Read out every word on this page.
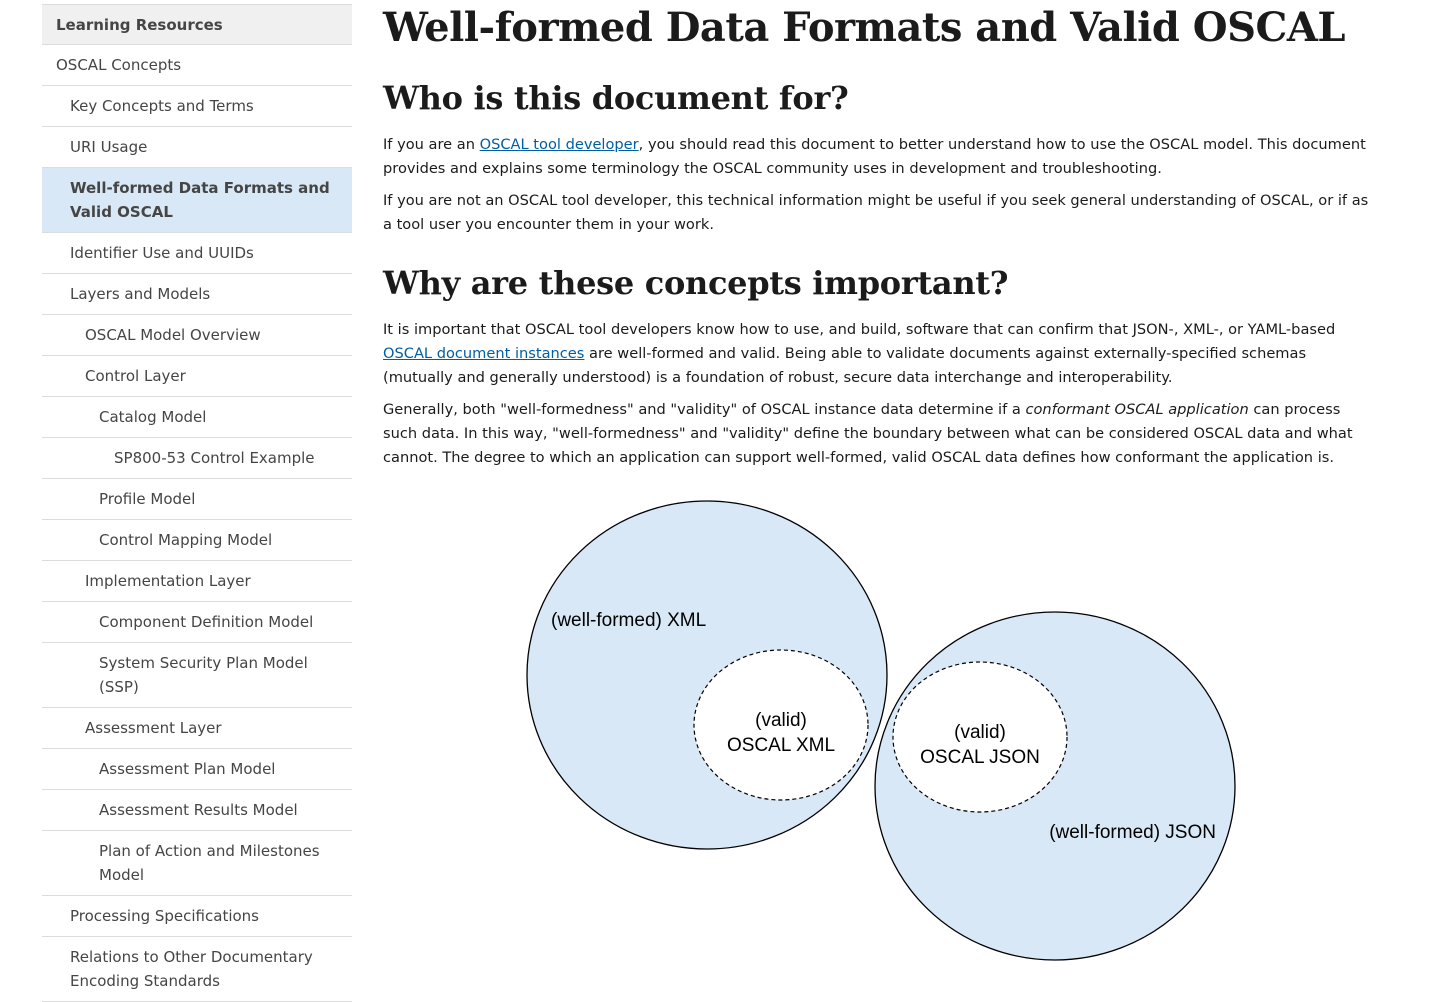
Learning Resources
OSCAL Concepts
Key Concepts and Terms
URI Usage
Well-formed Data Formats and Valid OSCAL
Identifier Use and UUIDs
Layers and Models
OSCAL Model Overview
Control Layer
Catalog Model
SP800-53 Control Example
Profile Model
Control Mapping Model
Implementation Layer
Component Definition Model
System Security Plan Model (SSP)
Assessment Layer
Assessment Plan Model
Assessment Results Model
Plan of Action and Milestones Model
Processing Specifications
Relations to Other Documentary Encoding Standards
Well-formed Data Formats and Valid OSCAL
Who is this document for?

If you are an OSCAL tool developer, you should read this document to better understand how to use the OSCAL model. This document provides and explains some terminology the OSCAL community uses in development and troubleshooting.

If you are not an OSCAL tool developer, this technical information might be useful if you seek general understanding of OSCAL, or if as a tool user you encounter them in your work.

Why are these concepts important?

It is important that OSCAL tool developers know how to use, and build, software that can confirm that JSON-, XML-, or YAML-based OSCAL document instances are well-formed and valid. Being able to validate documents against externally-specified schemas (mutually and generally understood) is a foundation of robust, secure data interchange and interoperability.

Generally, both "well-formedness" and "validity" of OSCAL instance data determine if a conformant OSCAL application can process such data. In this way, "well-formedness" and "validity" define the boundary between what can be considered OSCAL data and what cannot. The degree to which an application can support well-formed, valid OSCAL data defines how conformant the application is.

(well-formed) XML
(valid)
OSCAL XML
(valid)
OSCAL JSON
(well-formed) JSON
